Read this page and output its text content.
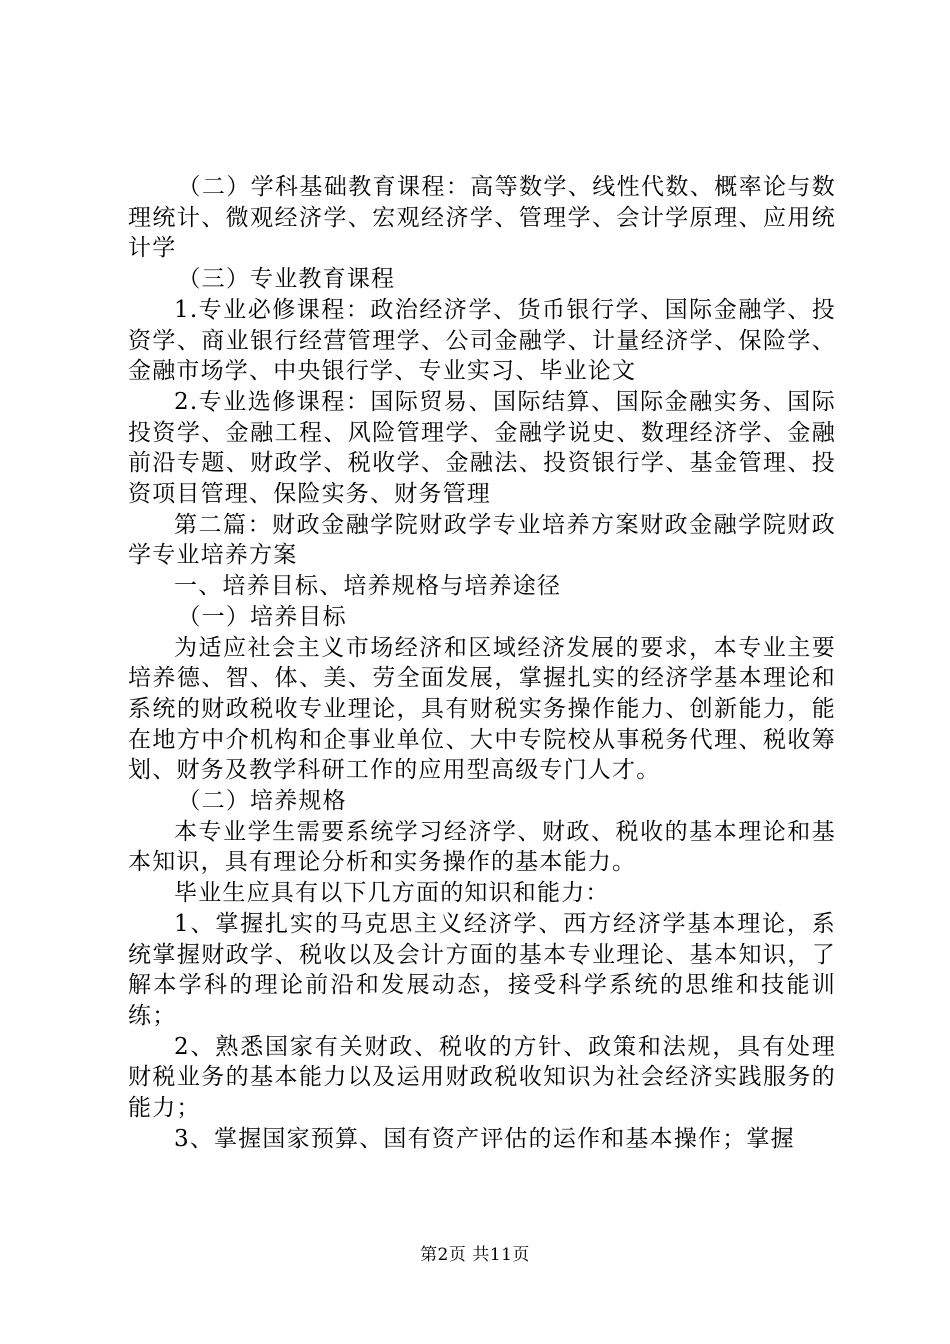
（二）学科基础教育课程：高等数学、线性代数、概率论与数理统计、微观经济学、宏观经济学、管理学、会计学原理、应用统计学

（三）专业教育课程

1.专业必修课程：政治经济学、货币银行学、国际金融学、投资学、商业银行经营管理学、公司金融学、计量经济学、保险学、金融市场学、中央银行学、专业实习、毕业论文

2.专业选修课程：国际贸易、国际结算、国际金融实务、国际投资学、金融工程、风险管理学、金融学说史、数理经济学、金融前沿专题、财政学、税收学、金融法、投资银行学、基金管理、投资项目管理、保险实务、财务管理

第二篇：财政金融学院财政学专业培养方案财政金融学院财政学专业培养方案

一、培养目标、培养规格与培养途径

（一）培养目标

为适应社会主义市场经济和区域经济发展的要求，本专业主要培养德、智、体、美、劳全面发展，掌握扎实的经济学基本理论和系统的财政税收专业理论，具有财税实务操作能力、创新能力，能在地方中介机构和企事业单位、大中专院校从事税务代理、税收筹划、财务及教学科研工作的应用型高级专门人才。

（二）培养规格

本专业学生需要系统学习经济学、财政、税收的基本理论和基本知识，具有理论分析和实务操作的基本能力。

毕业生应具有以下几方面的知识和能力：

1、掌握扎实的马克思主义经济学、西方经济学基本理论，系统掌握财政学、税收以及会计方面的基本专业理论、基本知识，了解本学科的理论前沿和发展动态，接受科学系统的思维和技能训练；

2、熟悉国家有关财政、税收的方针、政策和法规，具有处理财税业务的基本能力以及运用财政税收知识为社会经济实践服务的能力；

3、掌握国家预算、国有资产评估的运作和基本操作；掌握

第2页 共11页
